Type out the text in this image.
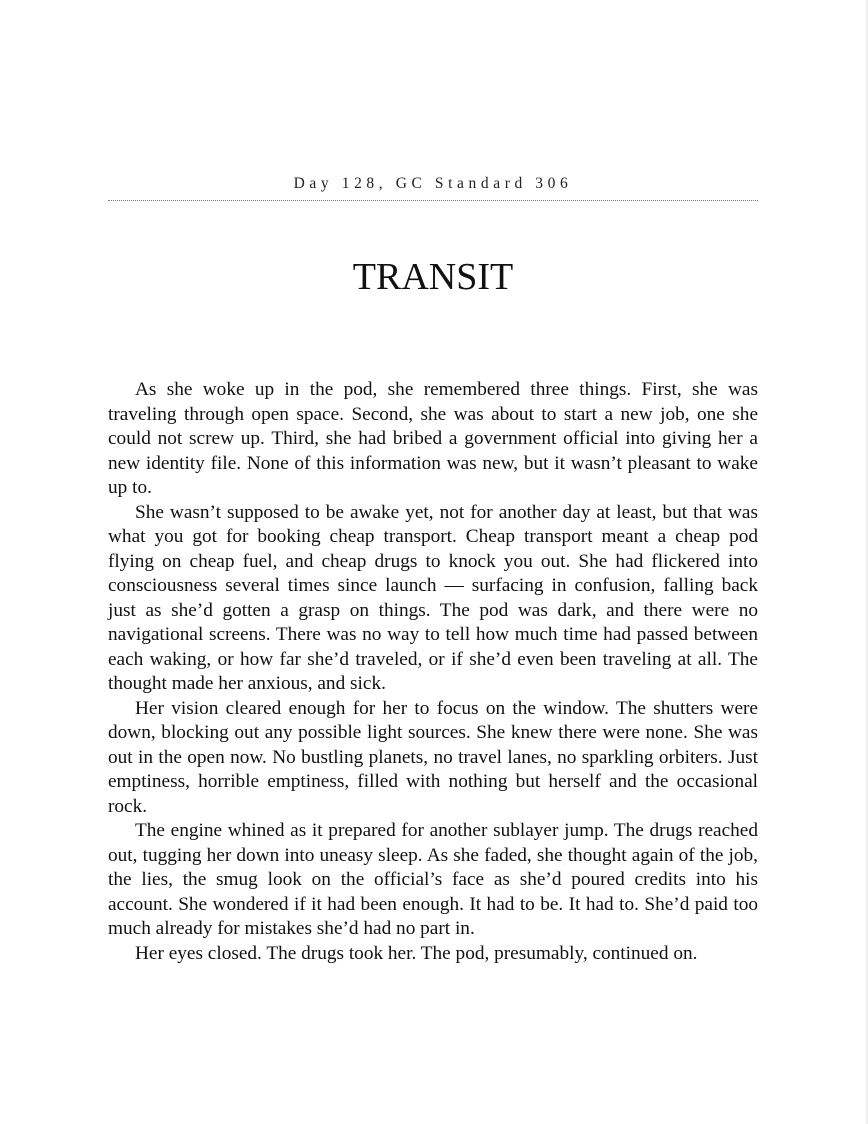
Day 128, GC Standard 306
TRANSIT

As she woke up in the pod, she remembered three things. First, she was traveling through open space. Second, she was about to start a new job, one she could not screw up. Third, she had bribed a government official into giving her a new identity file. None of this information was new, but it wasn’t pleasant to wake up to.

She wasn’t supposed to be awake yet, not for another day at least, but that was what you got for booking cheap transport. Cheap transport meant a cheap pod flying on cheap fuel, and cheap drugs to knock you out. She had flickered into consciousness several times since launch — surfacing in confusion, falling back just as she’d gotten a grasp on things. The pod was dark, and there were no navigational screens. There was no way to tell how much time had passed between each waking, or how far she’d traveled, or if she’d even been traveling at all. The thought made her anxious, and sick.

Her vision cleared enough for her to focus on the window. The shutters were down, blocking out any possible light sources. She knew there were none. She was out in the open now. No bustling planets, no travel lanes, no sparkling orbiters. Just emptiness, horrible emptiness, filled with nothing but herself and the occasional rock.

The engine whined as it prepared for another sublayer jump. The drugs reached out, tugging her down into uneasy sleep. As she faded, she thought again of the job, the lies, the smug look on the official’s face as she’d poured credits into his account. She wondered if it had been enough. It had to be. It had to. She’d paid too much already for mistakes she’d had no part in.

Her eyes closed. The drugs took her. The pod, presumably, continued on.
